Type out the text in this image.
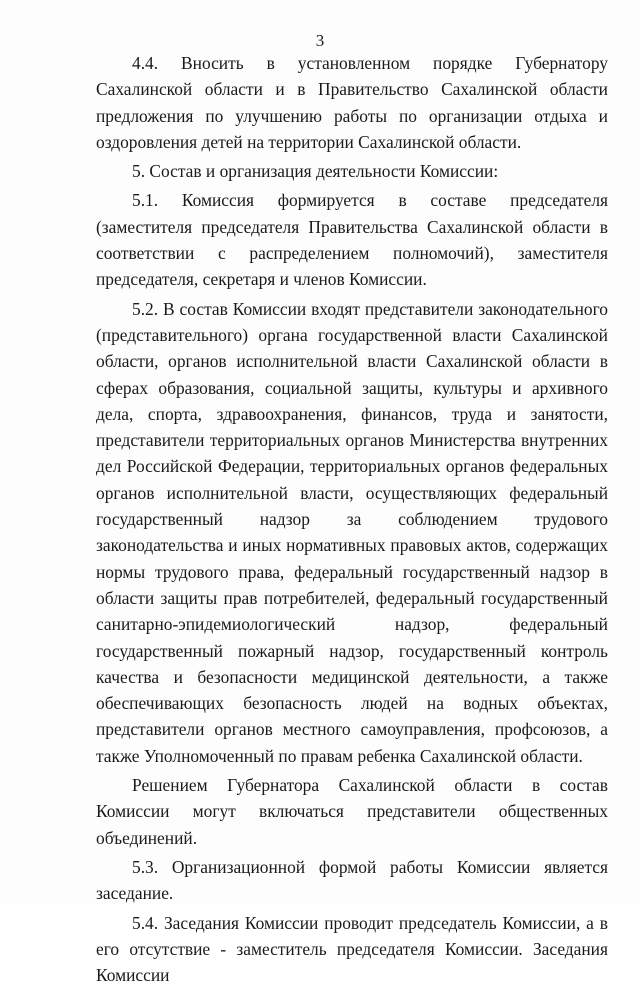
3

4.4. Вносить в установленном порядке Губернатору Сахалинской области и в Правительство Сахалинской области предложения по улучшению работы по организации отдыха и оздоровления детей на территории Сахалинской области.

5. Состав и организация деятельности Комиссии:

5.1. Комиссия формируется в составе председателя (заместителя председателя Правительства Сахалинской области в соответствии с распределением полномочий), заместителя председателя, секретаря и членов Комиссии.

5.2. В состав Комиссии входят представители законодательного (представительного) органа государственной власти Сахалинской области, органов исполнительной власти Сахалинской области в сферах образования, социальной защиты, культуры и архивного дела, спорта, здравоохранения, финансов, труда и занятости, представители территориальных органов Министерства внутренних дел Российской Федерации, территориальных органов федеральных органов исполнительной власти, осуществляющих федеральный государственный надзор за соблюдением трудового законодательства и иных нормативных правовых актов, содержащих нормы трудового права, федеральный государственный надзор в области защиты прав потребителей, федеральный государственный санитарно-эпидемиологический надзор, федеральный государственный пожарный надзор, государственный контроль качества и безопасности медицинской деятельности, а также обеспечивающих безопасность людей на водных объектах, представители органов местного самоуправления, профсоюзов, а также Уполномоченный по правам ребенка Сахалинской области.

Решением Губернатора Сахалинской области в состав Комиссии могут включаться представители общественных объединений.

5.3. Организационной формой работы Комиссии является заседание.

5.4. Заседания Комиссии проводит председатель Комиссии, а в его отсутствие - заместитель председателя Комиссии. Заседания Комиссии
